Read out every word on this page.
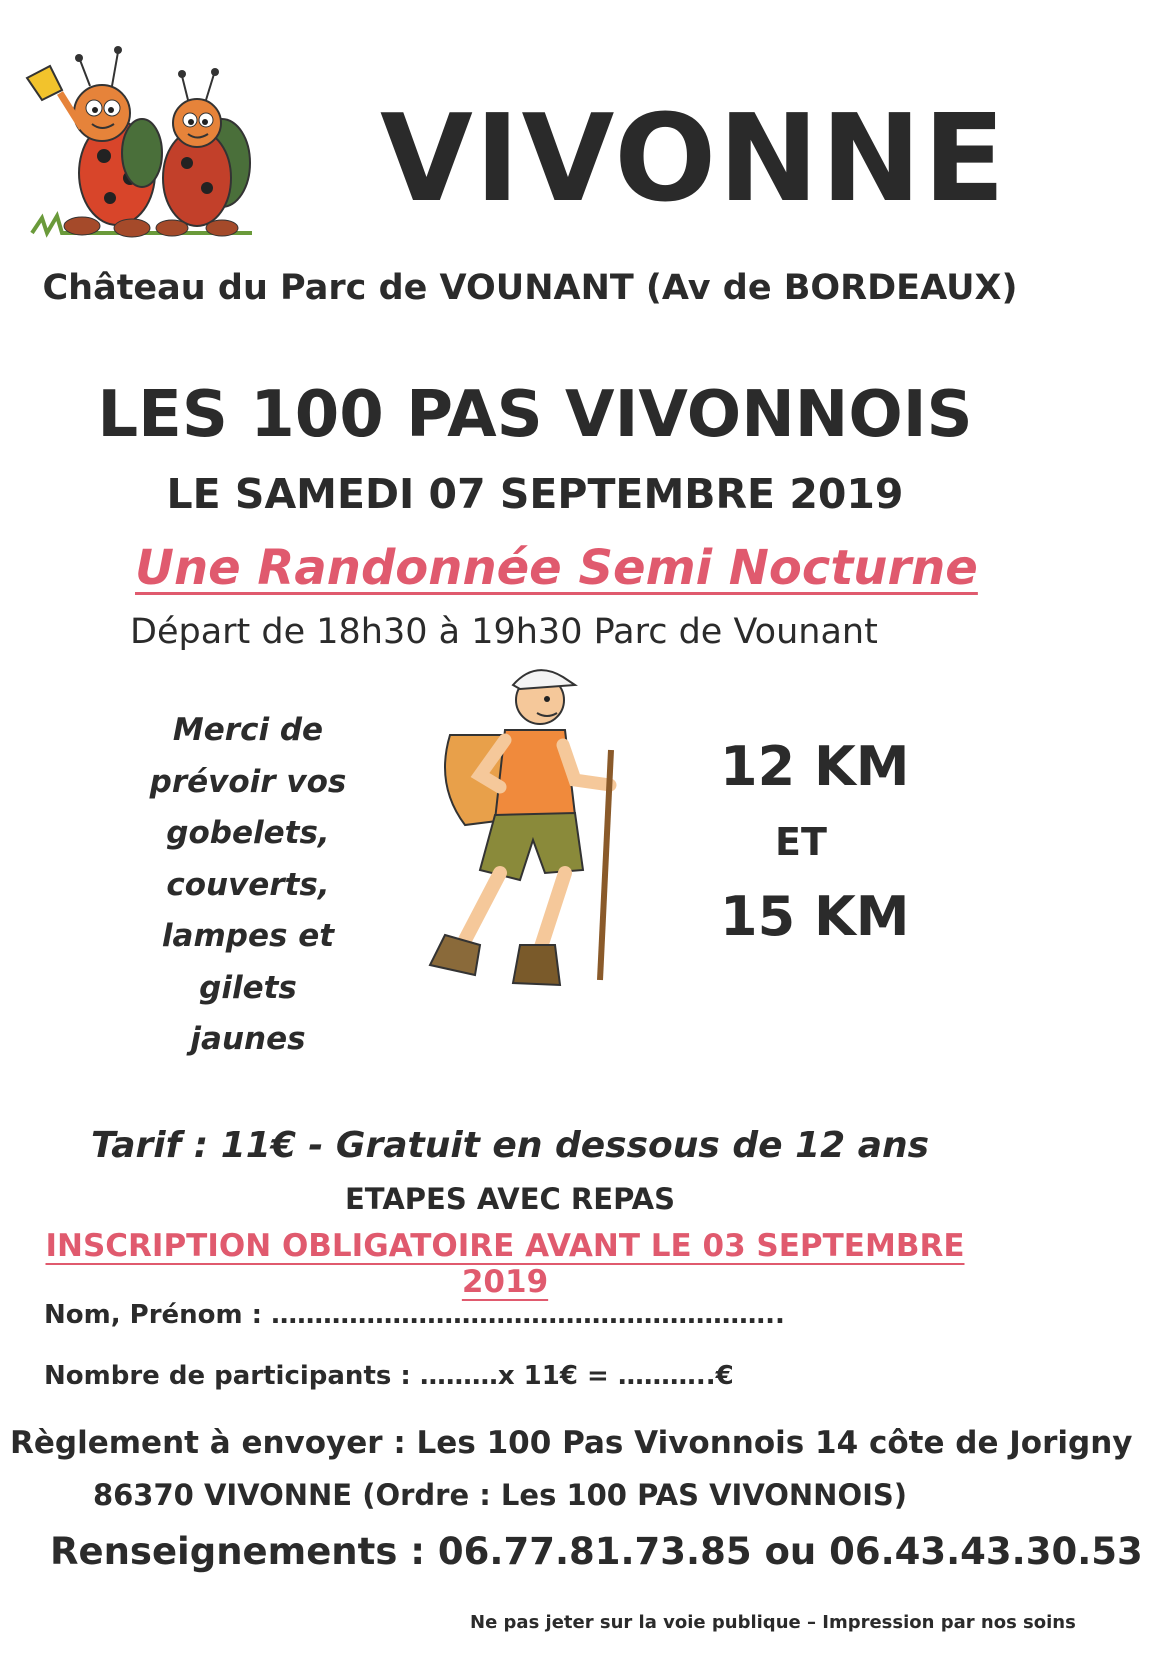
VIVONNE
Château du Parc de VOUNANT (Av de BORDEAUX)
LES 100 PAS VIVONNOIS
LE SAMEDI 07 SEPTEMBRE 2019
Une Randonnée Semi Nocturne
Départ de 18h30 à 19h30 Parc de Vounant
Merci de
prévoir vos
gobelets,
couverts,
lampes et gilets
jaunes
12 KM
ET
15 KM
Tarif : 11€ - Gratuit en dessous de 12 ans
ETAPES AVEC REPAS
INSCRIPTION OBLIGATOIRE AVANT LE 03 SEPTEMBRE 2019
Nom, Prénom : …………………………………………………..
Nombre de participants : ………x 11€ = ………..€
Règlement à envoyer : Les 100 Pas Vivonnois 14 côte de Jorigny
86370 VIVONNE (Ordre : Les 100 PAS VIVONNOIS)
Renseignements : 06.77.81.73.85 ou 06.43.43.30.53
Ne pas jeter sur la voie publique – Impression par nos soins
